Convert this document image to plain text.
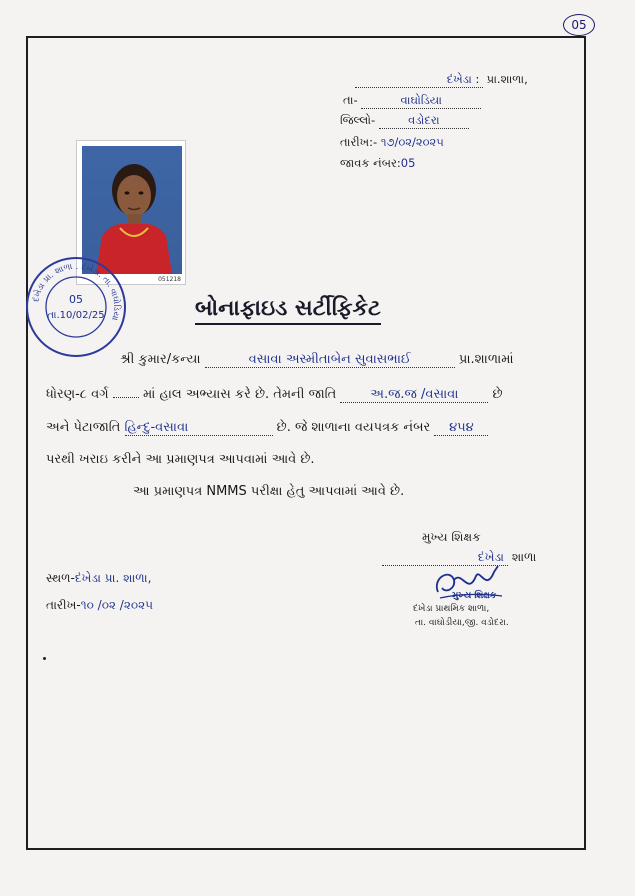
05
દંખેડા :  પ્રા.શાળા,
તા-	વાઘોડિયા
જિલ્લો-	વડોદરા
તારીખ:- ૧૭/૦૨/૨૦૨૫
જાવક નંબર:05
051218
દંખેડા પ્રા. શાળા . દંખેડા. તા. વાઘોડિયા
05
તા.10/02/25	બોનાફાઇડ સર્ટીફિકેટ
શ્રી કુમાર/કન્યા	વસાવા અસ્મીતાબેન સુવાસભાઈ	પ્રા.શાળામાં
ધોરણ-૮ વર્ગ	માં હાલ અભ્યાસ કરે છે. તેમની જાતિ	અ.જ.જ /વસાવા	છે
અને પેટાજાતિ હિન્દુ-વસાવા	છે. જે શાળાના વયપત્રક નંબર ૪૫૪
પરથી ખરાઇ કરીને આ પ્રમાણપત્ર આપવામાં આવે છે.
આ પ્રમાણપત્ર NMMS પરીક્ષા હેતુ આપવામાં આવે છે.
મુખ્ય શિક્ષક
દંખેડા શાળા
મુખ્ય શિક્ષક
દંખેડા પ્રાથમિક શાળા,
તા. વાઘોડીયા,જી. વડોદરા.
સ્થળ-દંખેડા પ્રા. શાળા,
તારીખ-૧૦ /૦૨ /૨૦૨૫
